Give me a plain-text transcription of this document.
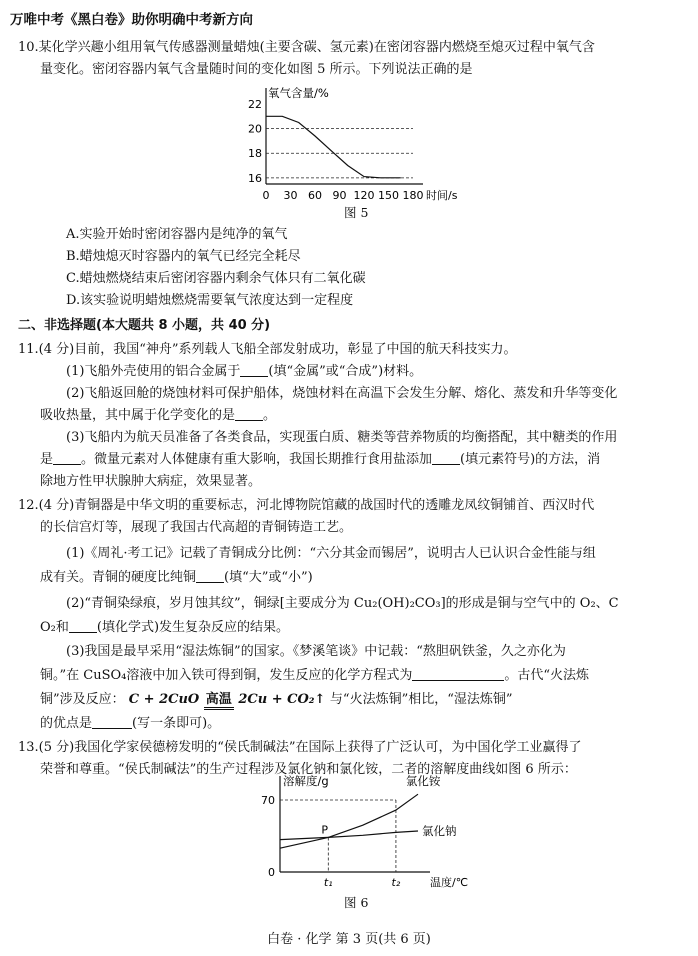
万唯中考《黑白卷》助你明确中考新方向
10.某化学兴趣小组用氧气传感器测量蜡烛(主要含碳、氢元素)在密闭容器内燃烧至熄灭过程中氧气含
量变化。密闭容器内氧气含量随时间的变化如图 5 所示。下列说法正确的是
氧气含量/%
时间/s
16
18
20
22
0 30 60 90 120 150 180
图 5
A.实验开始时密闭容器内是纯净的氧气
B.蜡烛熄灭时容器内的氧气已经完全耗尽
C.蜡烛燃烧结束后密闭容器内剩余气体只有二氧化碳
D.该实验说明蜡烛燃烧需要氧气浓度达到一定程度
二、非选择题(本大题共 8 小题，共 40 分)
11.(4 分)目前，我国“神舟”系列载人飞船全部发射成功，彰显了中国的航天科技实力。
(1)飞船外壳使用的铝合金属于 (填“金属”或“合成”)材料。
(2)飞船返回舱的烧蚀材料可保护船体，烧蚀材料在高温下会发生分解、熔化、蒸发和升华等变化
吸收热量，其中属于化学变化的是 。
(3)飞船内为航天员准备了各类食品，实现蛋白质、糖类等营养物质的均衡搭配，其中糖类的作用
是 。微量元素对人体健康有重大影响，我国长期推行食用盐添加 (填元素符号)的方法，消
除地方性甲状腺肿大病症，效果显著。
12.(4 分)青铜器是中华文明的重要标志，河北博物院馆藏的战国时代的透雕龙凤纹铜铺首、西汉时代
的长信宫灯等，展现了我国古代高超的青铜铸造工艺。
(1)《周礼·考工记》记载了青铜成分比例：“六分其金而锡居”，说明古人已认识合金性能与组
成有关。青铜的硬度比纯铜 (填“大”或“小”)
(2)“青铜染绿痕，岁月蚀其纹”，铜绿[主要成分为 Cu₂(OH)₂CO₃]的形成是铜与空气中的 O₂、C
O₂和 (填化学式)发生复杂反应的结果。
(3)我国是最早采用“湿法炼铜”的国家。《梦溪笔谈》中记载：“熬胆矾铁釜，久之亦化为
铜。”在 CuSO₄溶液中加入铁可得到铜，发生反应的化学方程式为	。古代“火法炼
铜”涉及反应： C + 2CuO 高温 2Cu + CO₂↑ 与“火法炼铜”相比，“湿法炼铜”
的优点是	(写一条即可)。
13.(5 分)我国化学家侯德榜发明的“侯氏制碱法”在国际上获得了广泛认可，为中国化学工业赢得了
荣誉和尊重。“侯氏制碱法”的生产过程涉及氯化钠和氯化铵，二者的溶解度曲线如图 6 所示：
溶解度/g
温度/℃
0
70
t₁	t₂
P
氯化铵
氯化钠
图 6
白卷 · 化学 第 3 页(共 6 页)
